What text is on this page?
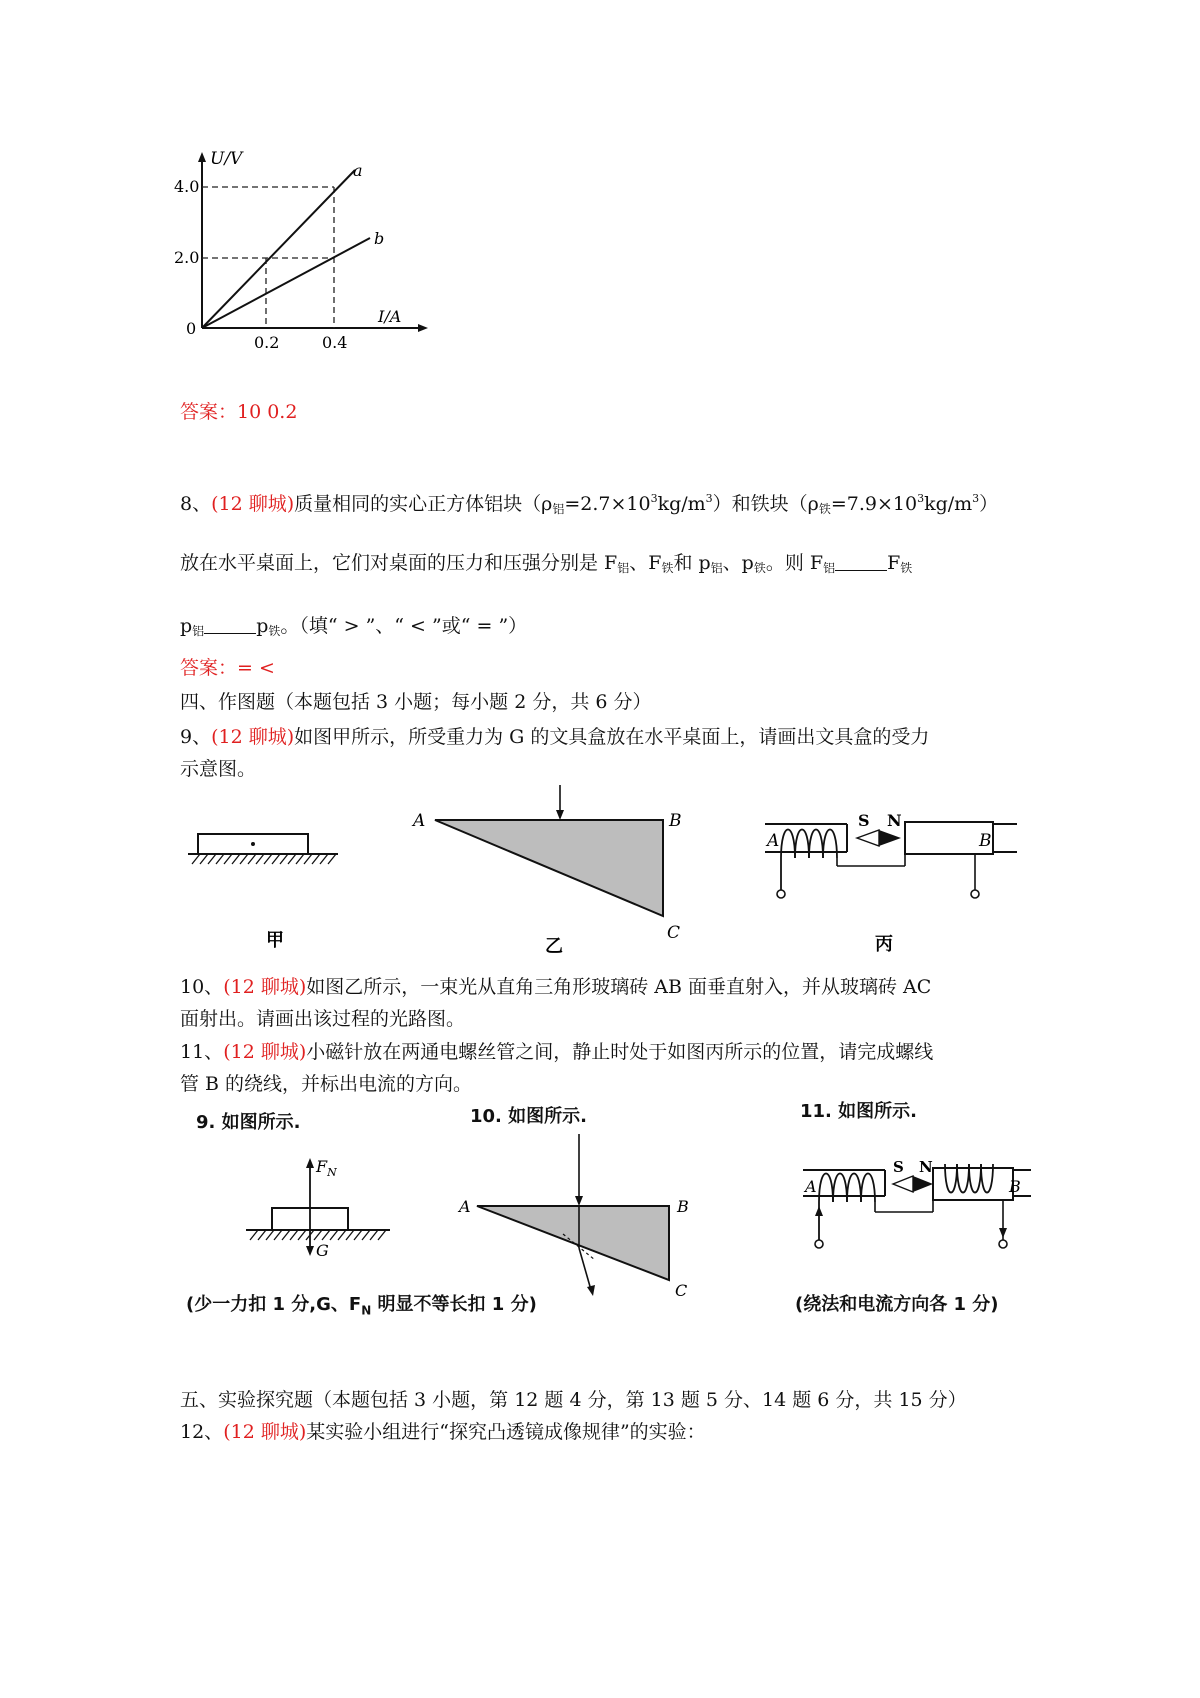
U/V
I/A
4.0
2.0
0
0.2	0.4
a
b
答案：10 0.2
8、(12 聊城)质量相同的实心正方体铝块$(\rho_铝=2.7\times 10^3kg/m^3)$和铁块$(\rho_铁=7.9\times 10^3kg/m^3)$
放在水平桌面上，它们对桌面的压力和压强分别是 $F_铝$、$F_铁$和 $p_铝$、$p_铁$。则 $F_铝$	$F_铁$
$p_铝$	$p_铁$。（填“ > ”、“ < ”或“ = ”）
答案：= <
四、作图题（本题包括 3 小题；每小题 2 分，共 6 分）
9、(12 聊城)如图甲所示，所受重力为 G 的文具盒放在水平桌面上，请画出文具盒的受力
示意图。
甲
A	B
C
乙
A
S N
B
丙
10、(12 聊城)如图乙所示，一束光从直角三角形玻璃砖 AB 面垂直射入，并从玻璃砖 AC
面射出。请画出该过程的光路图。
11、(12 聊城)小磁针放在两通电螺丝管之间，静止时处于如图丙所示的位置，请完成螺线
管 B 的绕线，并标出电流的方向。
9. 如图所示.	10. 如图所示.	11. 如图所示.
$F_N$
G
A	B
C
A
S N
B
(少一力扣 1 分,G、$F_N$ 明显不等长扣 1 分)	(绕法和电流方向各 1 分)
五、实验探究题（本题包括 3 小题，第 12 题 4 分，第 13 题 5 分、14 题 6 分，共 15 分）
12、(12 聊城)某实验小组进行“探究凸透镜成像规律”的实验：
